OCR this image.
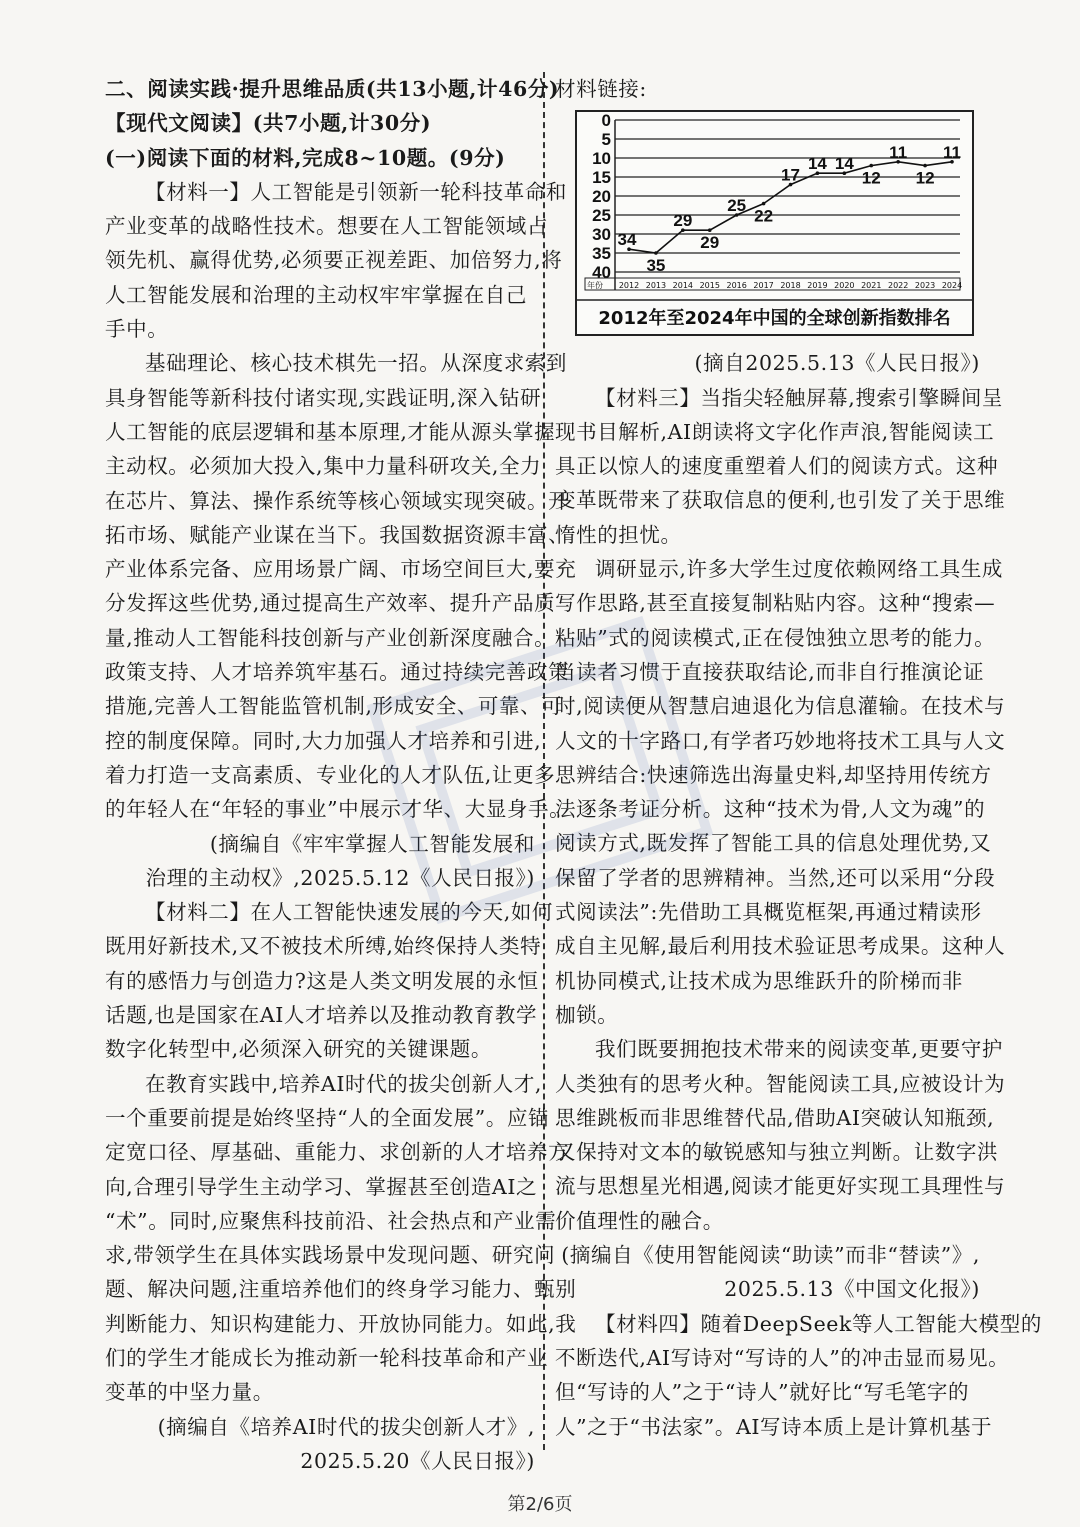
二、阅读实践·提升思维品质(共13小题,计46分)
【现代文阅读】(共7小题,计30分)
(一)阅读下面的材料,完成8~10题。(9分)
【材料一】人工智能是引领新一轮科技革命和
产业变革的战略性技术。想要在人工智能领域占
领先机、赢得优势,必须要正视差距、加倍努力,将
人工智能发展和治理的主动权牢牢掌握在自己
手中。
基础理论、核心技术棋先一招。从深度求索到
具身智能等新科技付诸实现,实践证明,深入钻研
人工智能的底层逻辑和基本原理,才能从源头掌握
主动权。必须加大投入,集中力量科研攻关,全力
在芯片、算法、操作系统等核心领域实现突破。开
拓市场、赋能产业谋在当下。我国数据资源丰富、
产业体系完备、应用场景广阔、市场空间巨大,要充
分发挥这些优势,通过提高生产效率、提升产品质
量,推动人工智能科技创新与产业创新深度融合。
政策支持、人才培养筑牢基石。通过持续完善政策
措施,完善人工智能监管机制,形成安全、可靠、可
控的制度保障。同时,大力加强人才培养和引进,
着力打造一支高素质、专业化的人才队伍,让更多
的年轻人在“年轻的事业”中展示才华、大显身手。
(摘编自《牢牢掌握人工智能发展和
治理的主动权》,2025.5.12《人民日报》)
【材料二】在人工智能快速发展的今天,如何
既用好新技术,又不被技术所缚,始终保持人类特
有的感悟力与创造力?这是人类文明发展的永恒
话题,也是国家在AI人才培养以及推动教育教学
数字化转型中,必须深入研究的关键课题。
在教育实践中,培养AI时代的拔尖创新人才,
一个重要前提是始终坚持“人的全面发展”。应锚
定宽口径、厚基础、重能力、求创新的人才培养方
向,合理引导学生主动学习、掌握甚至创造AI之
“术”。同时,应聚焦科技前沿、社会热点和产业需
求,带领学生在具体实践场景中发现问题、研究问
题、解决问题,注重培养他们的终身学习能力、甄别
判断能力、知识构建能力、开放协同能力。如此,我
们的学生才能成长为推动新一轮科技革命和产业
变革的中坚力量。
(摘编自《培养AI时代的拔尖创新人才》,
2025.5.20《人民日报》)
材料链接:
0
5
10
15
20
25
30
35
40
年份 2012 2013 2014 2015 2016 2017 2018 2019 2020 2021 2022 2023 2024
34
35
29
29
25
22
17
14 14
12
11
12
11
2012年至2024年中国的全球创新指数排名
(摘自2025.5.13《人民日报》)
【材料三】当指尖轻触屏幕,搜索引擎瞬间呈
现书目解析,AI朗读将文字化作声浪,智能阅读工
具正以惊人的速度重塑着人们的阅读方式。这种
变革既带来了获取信息的便利,也引发了关于思维
惰性的担忧。
调研显示,许多大学生过度依赖网络工具生成
写作思路,甚至直接复制粘贴内容。这种“搜索—
粘贴”式的阅读模式,正在侵蚀独立思考的能力。
当读者习惯于直接获取结论,而非自行推演论证
时,阅读便从智慧启迪退化为信息灌输。在技术与
人文的十字路口,有学者巧妙地将技术工具与人文
思辨结合:快速筛选出海量史料,却坚持用传统方
法逐条考证分析。这种“技术为骨,人文为魂”的
阅读方式,既发挥了智能工具的信息处理优势,又
保留了学者的思辨精神。当然,还可以采用“分段
式阅读法”:先借助工具概览框架,再通过精读形
成自主见解,最后利用技术验证思考成果。这种人
机协同模式,让技术成为思维跃升的阶梯而非
枷锁。
我们既要拥抱技术带来的阅读变革,更要守护
人类独有的思考火种。智能阅读工具,应被设计为
思维跳板而非思维替代品,借助AI突破认知瓶颈,
又保持对文本的敏锐感知与独立判断。让数字洪
流与思想星光相遇,阅读才能更好实现工具理性与
价值理性的融合。
(摘编自《使用智能阅读“助读”而非“替读”》,
2025.5.13《中国文化报》)
【材料四】随着DeepSeek等人工智能大模型的
不断迭代,AI写诗对“写诗的人”的冲击显而易见。
但“写诗的人”之于“诗人”就好比“写毛笔字的
人”之于“书法家”。AI写诗本质上是计算机基于
第2/6页
